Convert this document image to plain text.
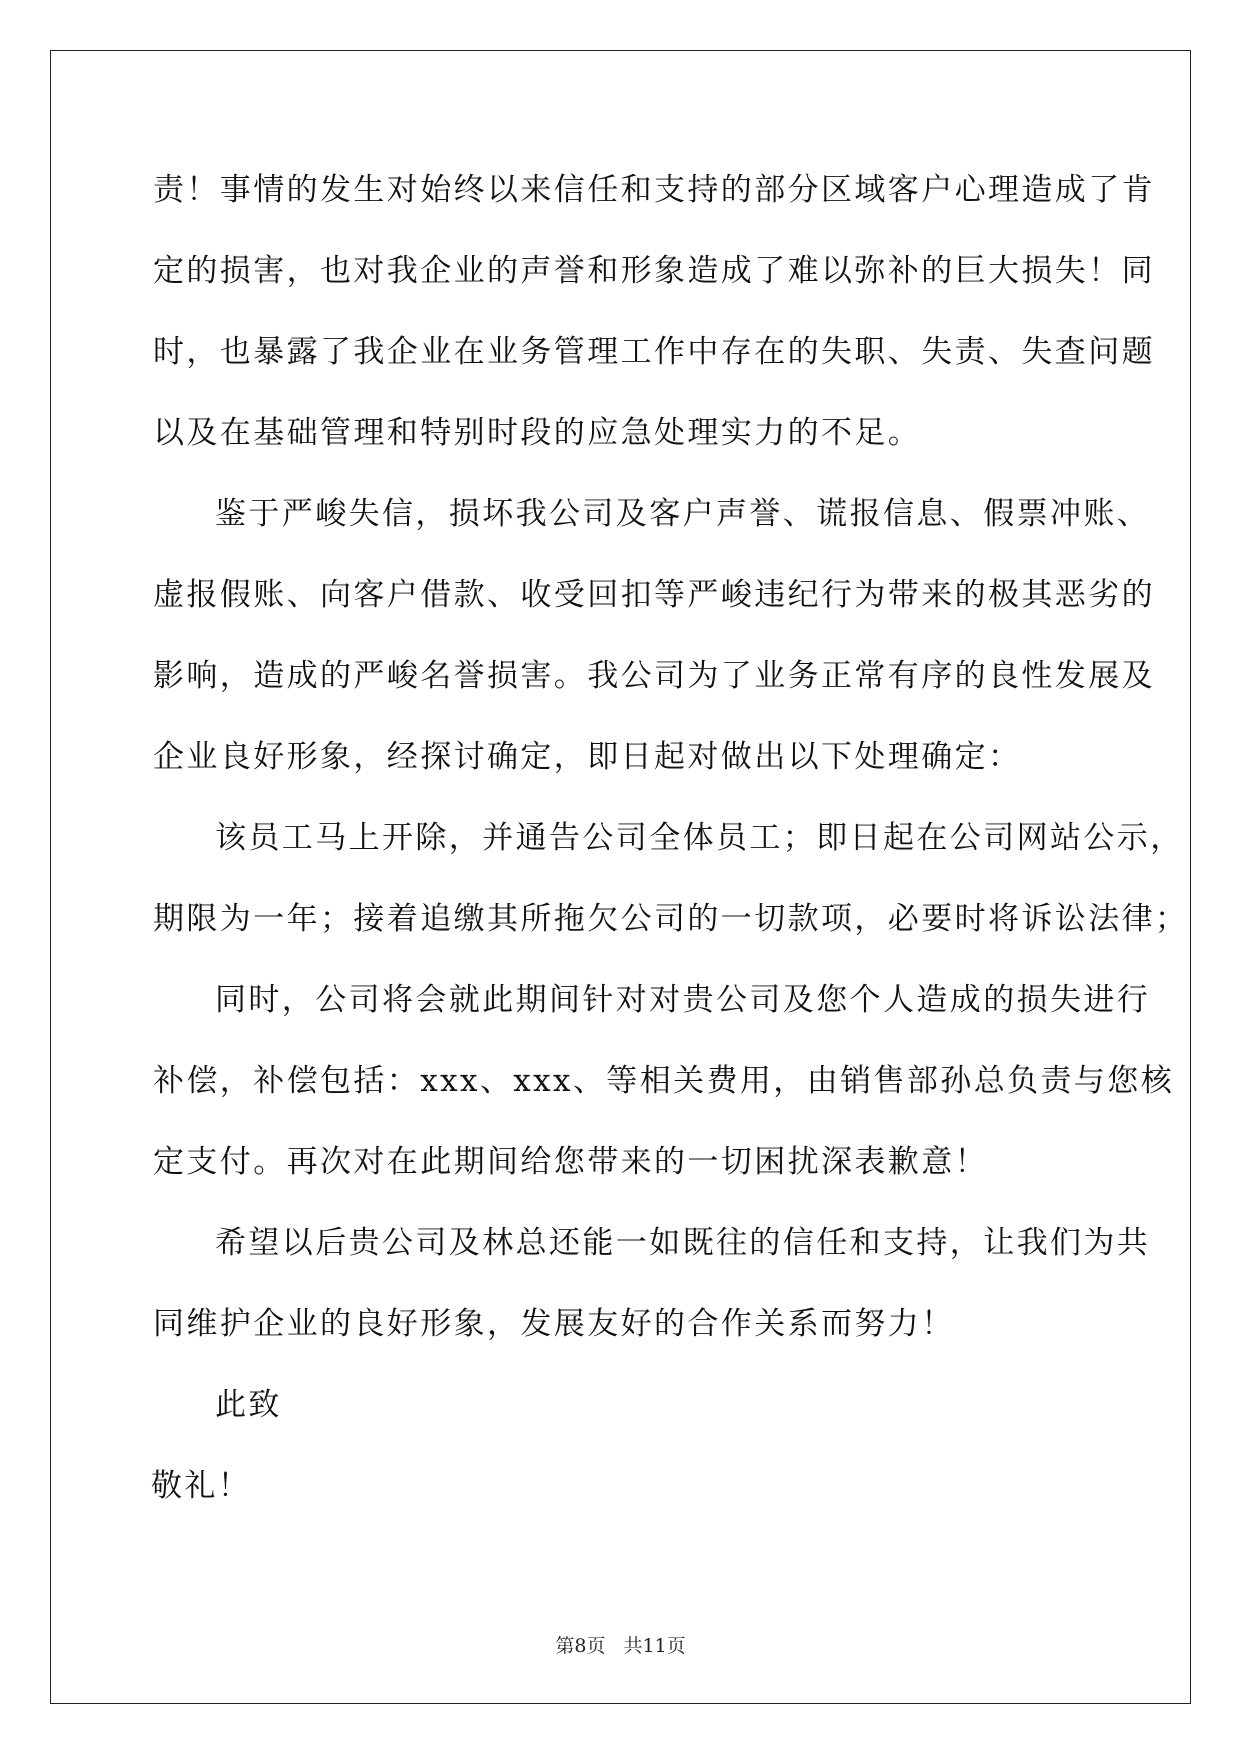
责！事情的发生对始终以来信任和支持的部分区域客户心理造成了肯
定的损害，也对我企业的声誉和形象造成了难以弥补的巨大损失！同
时，也暴露了我企业在业务管理工作中存在的失职、失责、失查问题
以及在基础管理和特别时段的应急处理实力的不足。
鉴于严峻失信，损坏我公司及客户声誉、谎报信息、假票冲账、
虚报假账、向客户借款、收受回扣等严峻违纪行为带来的极其恶劣的
影响，造成的严峻名誉损害。我公司为了业务正常有序的良性发展及
企业良好形象，经探讨确定，即日起对做出以下处理确定：
该员工马上开除，并通告公司全体员工；即日起在公司网站公示，
期限为一年；接着追缴其所拖欠公司的一切款项，必要时将诉讼法律；
同时，公司将会就此期间针对对贵公司及您个人造成的损失进行
补偿，补偿包括：xxx、xxx、等相关费用，由销售部孙总负责与您核
定支付。再次对在此期间给您带来的一切困扰深表歉意！
希望以后贵公司及林总还能一如既往的信任和支持，让我们为共
同维护企业的良好形象，发展友好的合作关系而努力！
此致
敬礼！
第8页 共11页
